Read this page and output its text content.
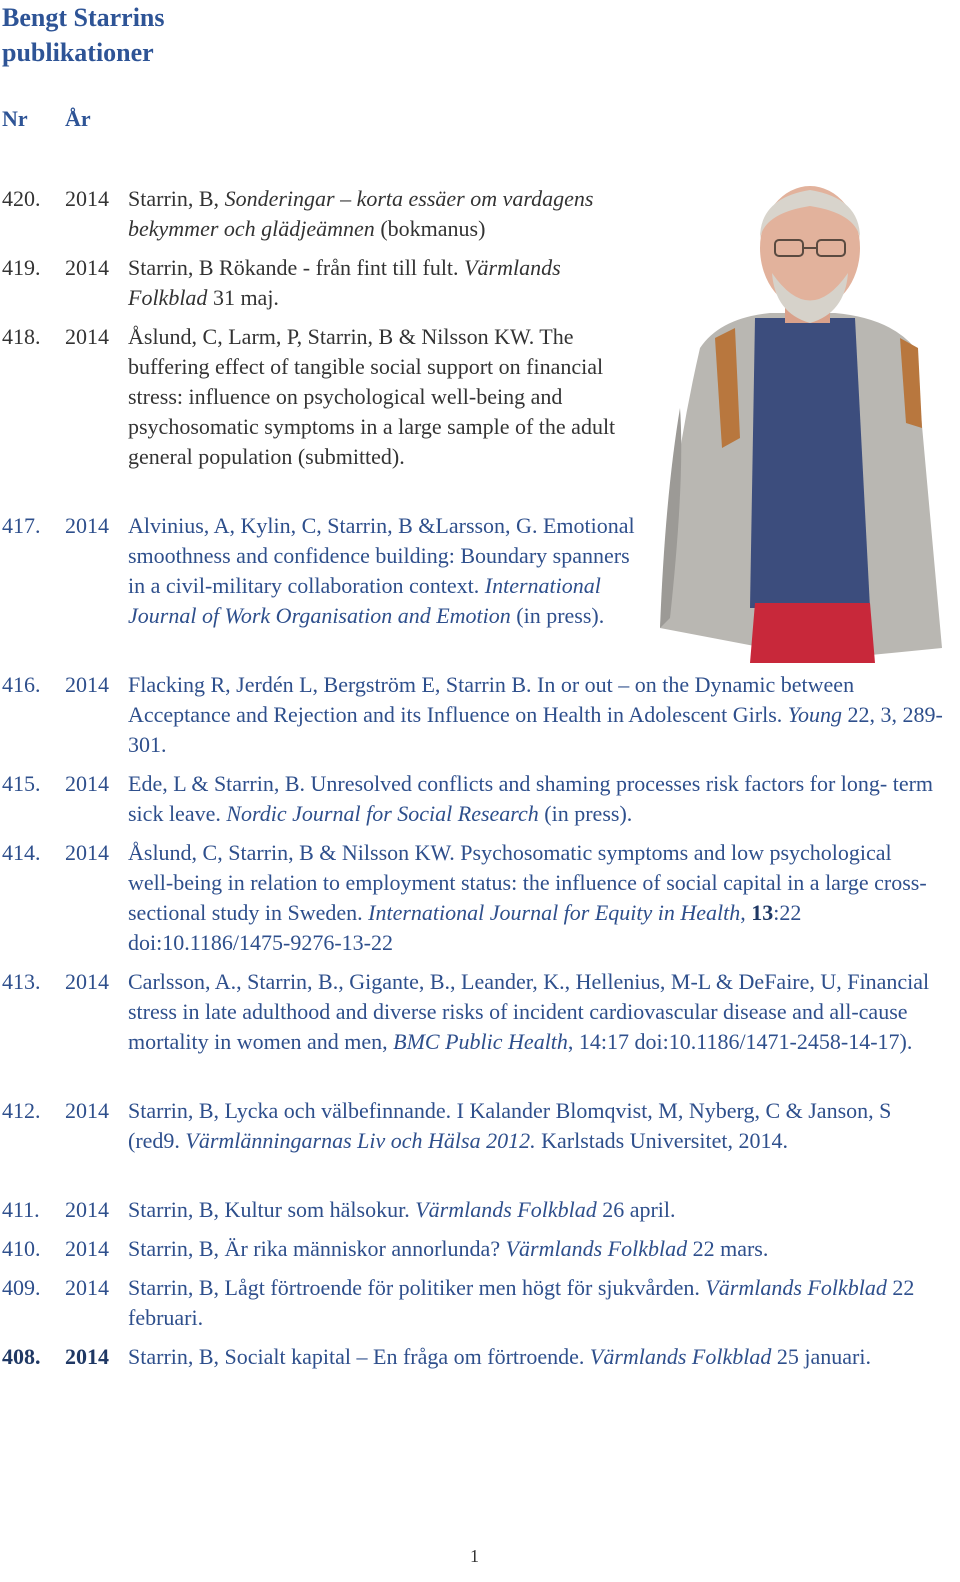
Bengt Starrins
publikationer
Nr År
420. 2014 Starrin, B, Sonderingar – korta essäer om vardagens bekymmer och glädjeämnen (bokmanus)
419. 2014 Starrin, B Rökande - från fint till fult. Värmlands Folkblad 31 maj.
418. 2014 Åslund, C, Larm, P, Starrin, B & Nilsson KW. The buffering effect of tangible social support on financial stress: influence on psychological well-being and psychosomatic symptoms in a large sample of the adult general population (submitted).
417. 2014 Alvinius, A, Kylin, C, Starrin, B &Larsson, G. Emotional smoothness and confidence building: Boundary spanners in a civil-military collaboration context. International Journal of Work Organisation and Emotion (in press).
416. 2014 Flacking R, Jerdén L, Bergström E, Starrin B. In or out – on the Dynamic between Acceptance and Rejection and its Influence on Health in Adolescent Girls. Young 22, 3, 289-301.
415. 2014 Ede, L & Starrin, B. Unresolved conflicts and shaming processes risk factors for long- term sick leave. Nordic Journal for Social Research (in press).
414. 2014 Åslund, C, Starrin, B & Nilsson KW. Psychosomatic symptoms and low psychological well-being in relation to employment status: the influence of social capital in a large cross-sectional study in Sweden. International Journal for Equity in Health, 13:22 doi:10.1186/1475-9276-13-22
413. 2014 Carlsson, A., Starrin, B., Gigante, B., Leander, K., Hellenius, M-L & DeFaire, U, Financial stress in late adulthood and diverse risks of incident cardiovascular disease and all-cause mortality in women and men, BMC Public Health, 14:17 doi:10.1186/1471-2458-14-17).
412. 2014 Starrin, B, Lycka och välbefinnande. I Kalander Blomqvist, M, Nyberg, C & Janson, S (red9. Värmlänningarnas Liv och Hälsa 2012. Karlstads Universitet, 2014.
411. 2014 Starrin, B, Kultur som hälsokur. Värmlands Folkblad 26 april.
410. 2014 Starrin, B, Är rika människor annorlunda? Värmlands Folkblad 22 mars.
409. 2014 Starrin, B, Lågt förtroende för politiker men högt för sjukvården. Värmlands Folkblad 22 februari.
408. 2014 Starrin, B, Socialt kapital – En fråga om förtroende. Värmlands Folkblad 25 januari.
1
